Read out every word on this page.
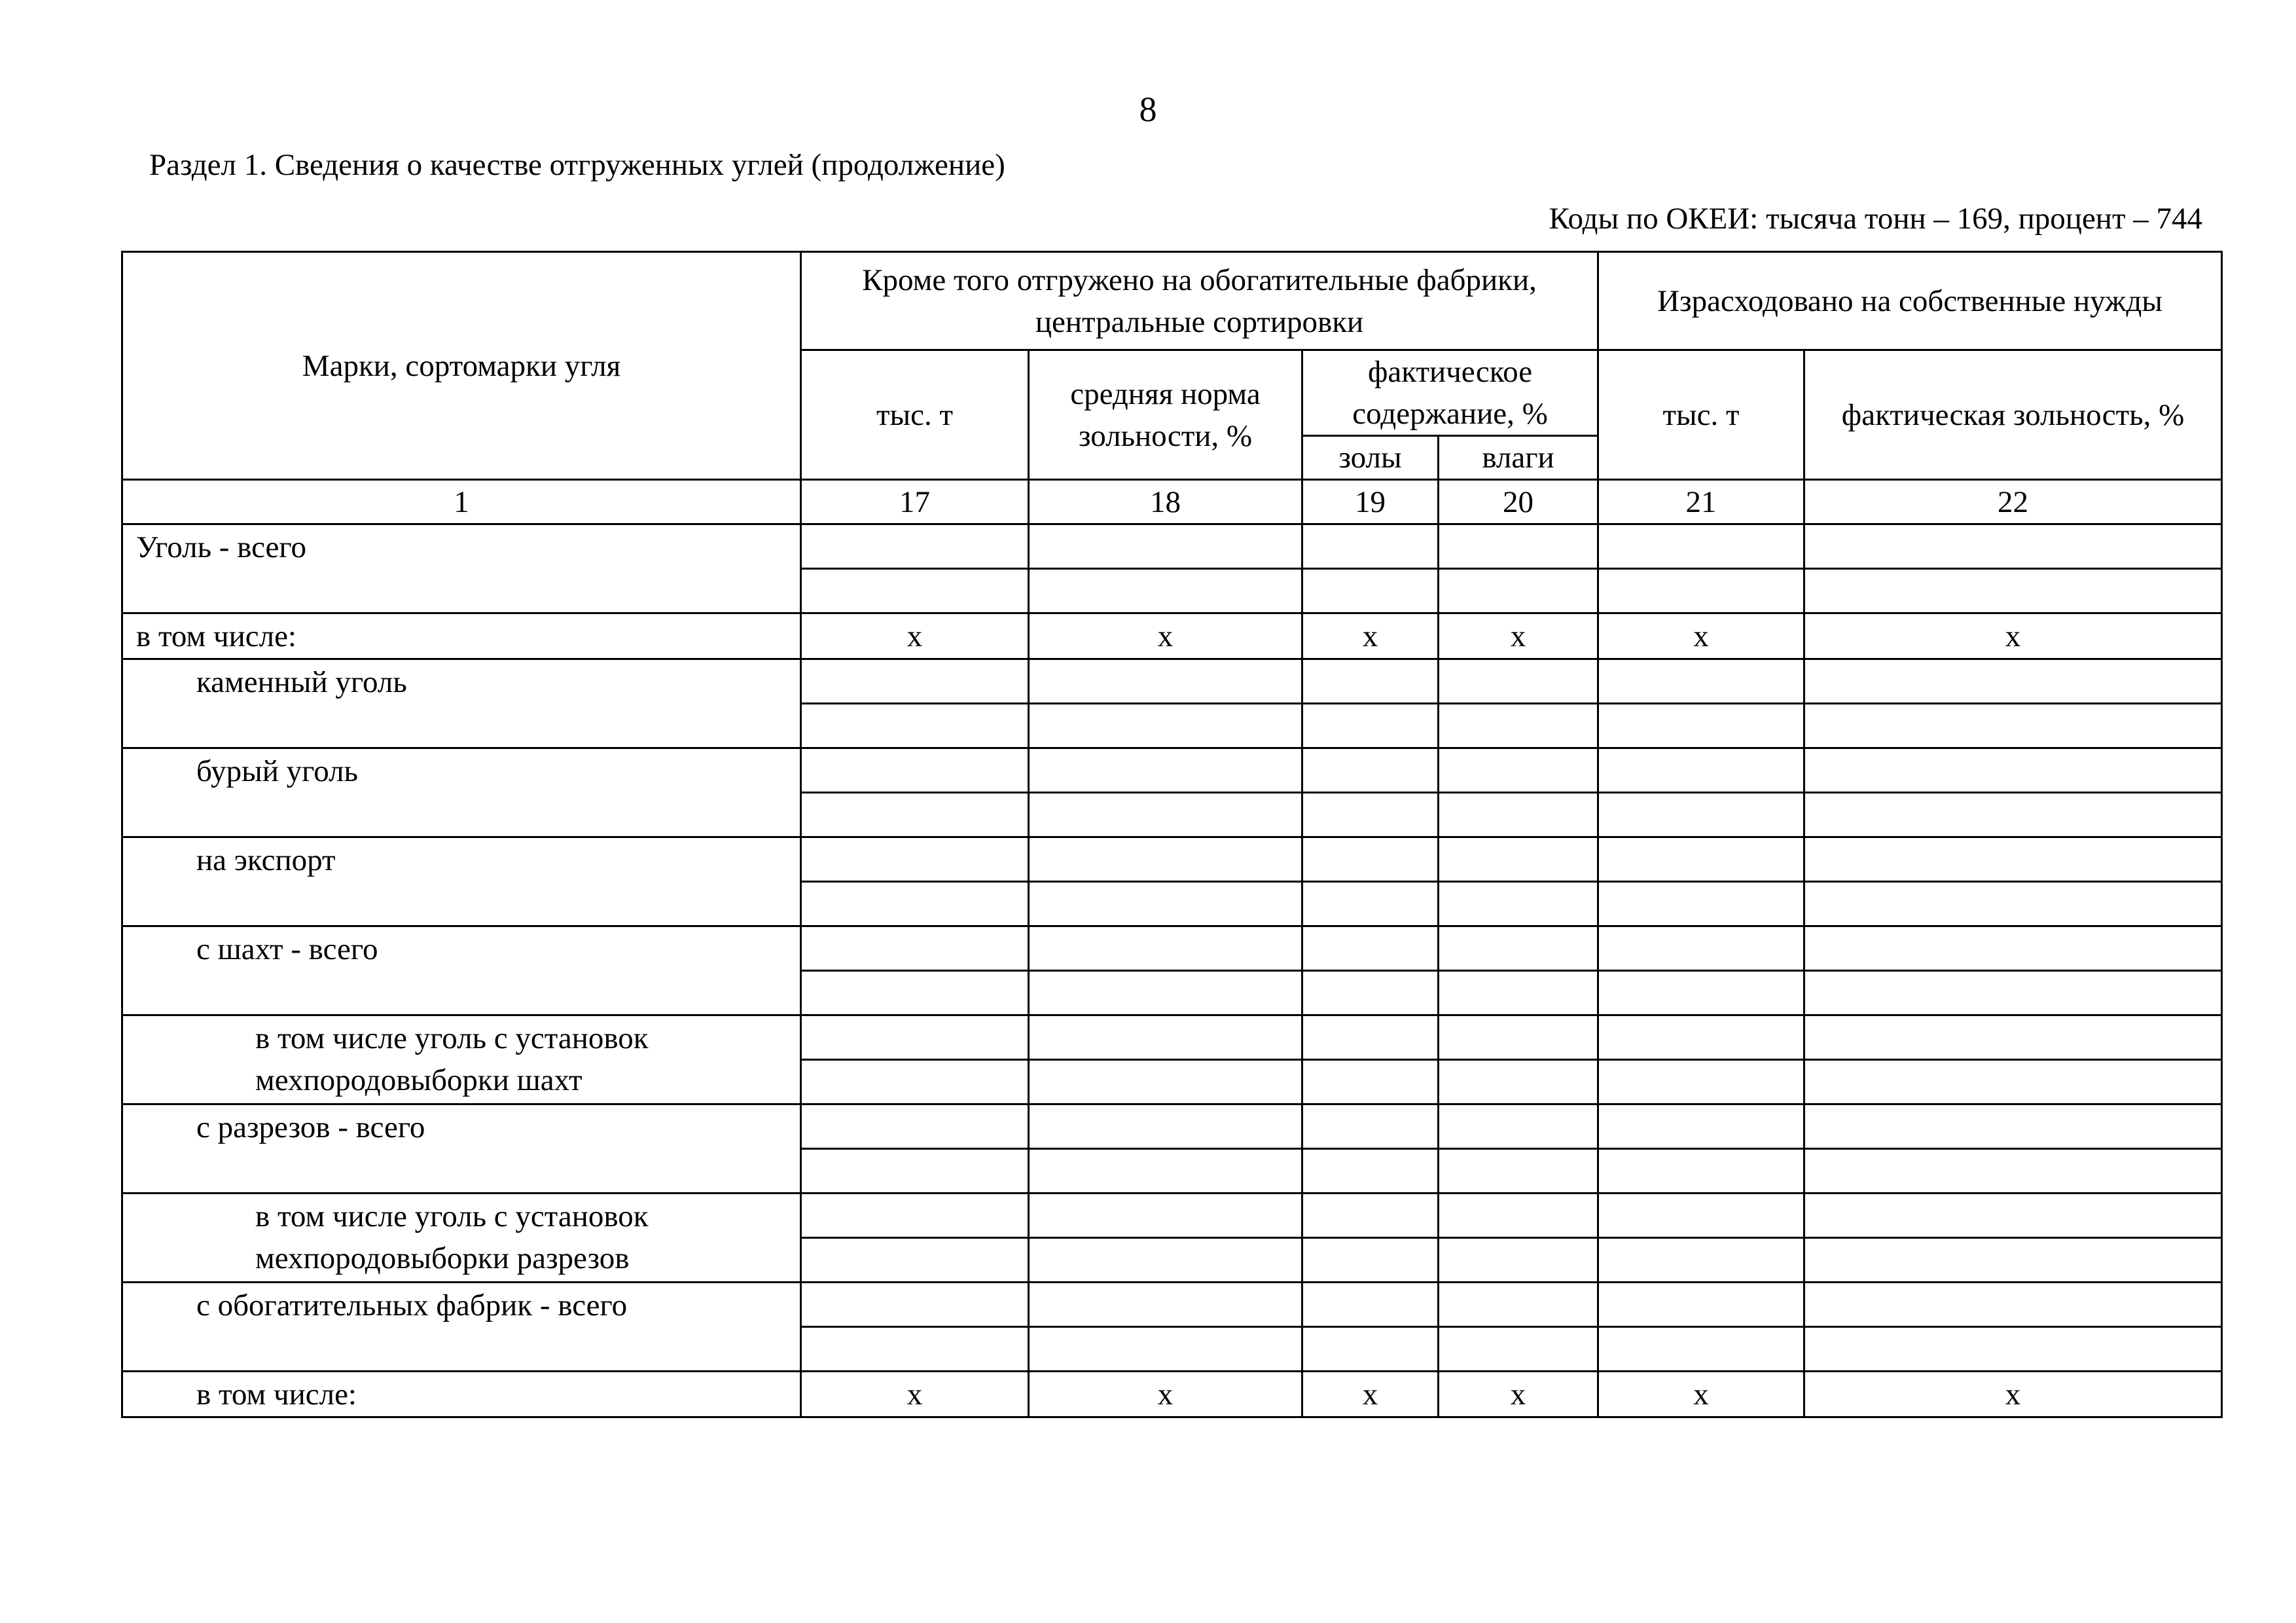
8
Раздел 1. Сведения о качестве отгруженных углей (продолжение)
Коды по ОКЕИ: тысяча тонн – 169, процент – 744
Марки, сортомарки угля	Кроме того отгружено на обогатительные фабрики, центральные сортировки				Израсходовано на собственные нужды	
	тыс. т	средняя норма зольности, %	фактическое содержание, %		тыс. т	фактическая зольность, %
			золы	влаги		
1	17	18	19	20	21	22
Уголь - всего						

в том числе:	x	x	x	x	x	x

каменный уголь						

бурый уголь						

на экспорт						

с шахт - всего						

в том числе уголь с установок мехпородовыборки шахт						

с разрезов - всего						

в том числе уголь с установок мехпородовыборки разрезов						

с обогатительных фабрик - всего						

в том числе:	x	x	x	x	x	x
